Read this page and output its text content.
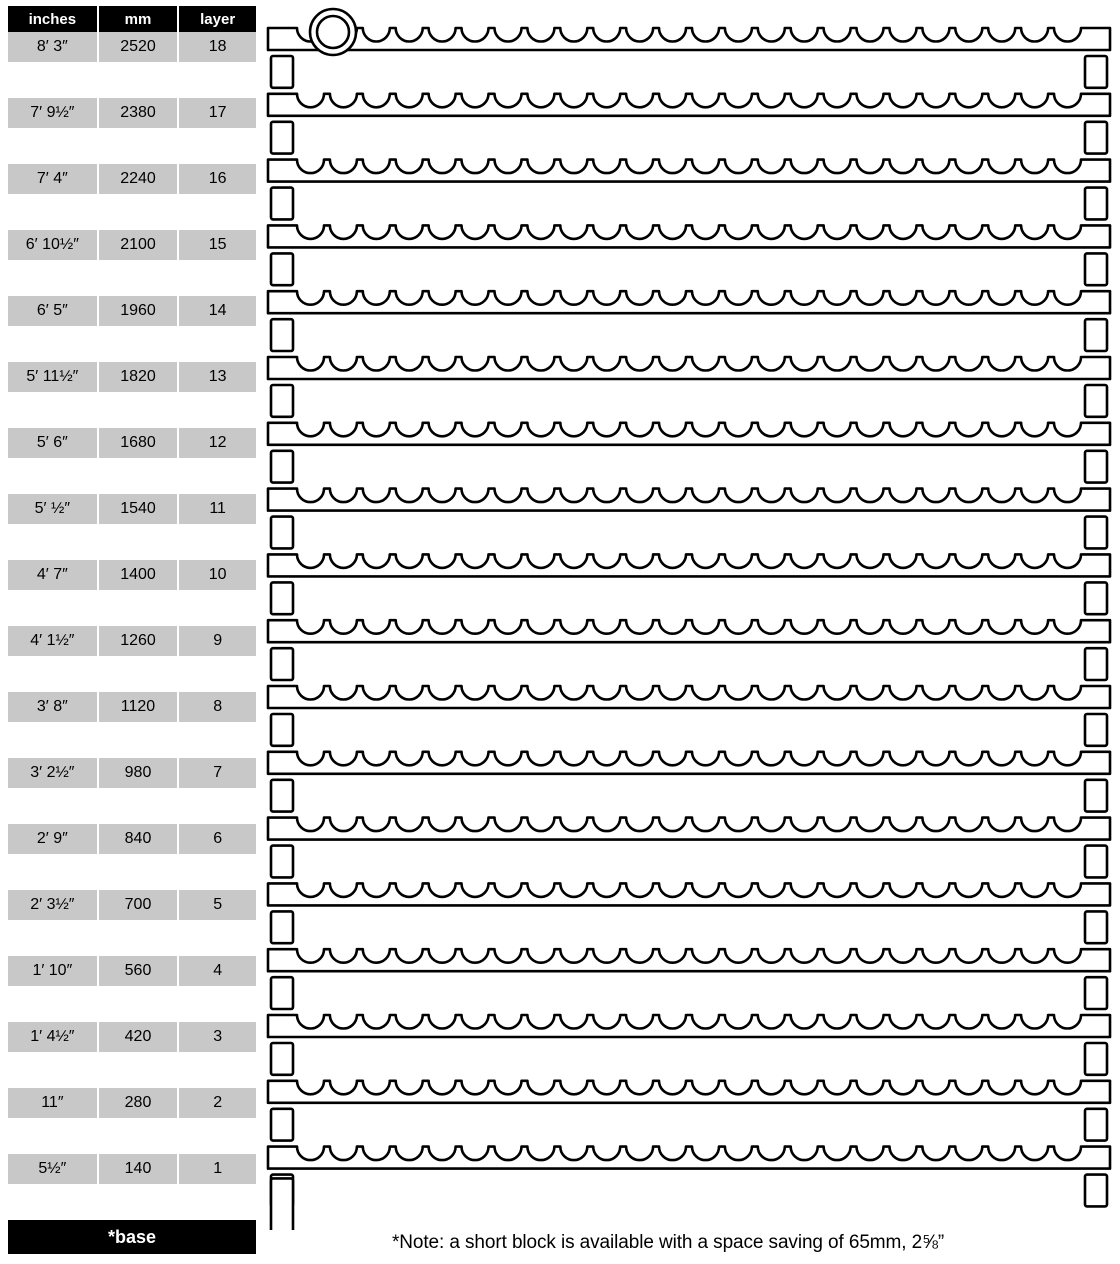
inches	mm	layer
8′ 3″	2520	18

7′ 9½″	2380	17

7′ 4″	2240	16

6′ 10½″	2100	15

6′ 5″	1960	14

5′ 11½″	1820	13

5′ 6″	1680	12

5′ ½″	1540	11

4′ 7″	1400	10

4′ 1½″	1260	9

3′ 8″	1120	8

3′ 2½″	980	7

2′ 9″	840	6

2′ 3½″	700	5

1′ 10″	560	4

1′ 4½″	420	3

11″	280	2

5½″	140	1

*base			*Note: a short block is available with a space saving of 65mm, 2⅝”
